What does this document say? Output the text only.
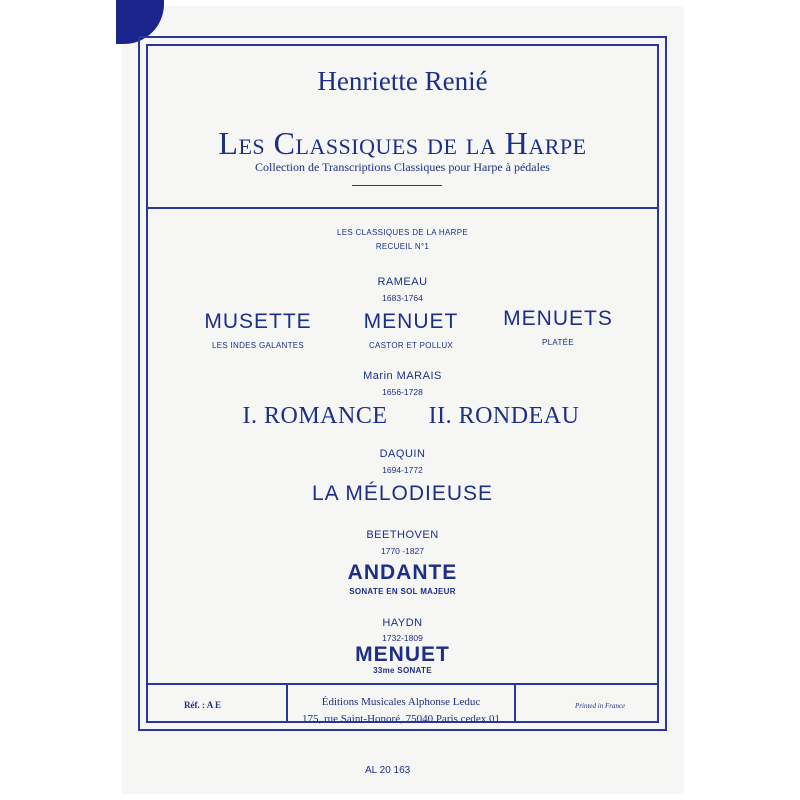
Henriette Renié
Les Classiques de la Harpe
Collection de Transcriptions Classiques pour Harpe à pédales
LES CLASSIQUES DE LA HARPE
RECUEIL N°1
RAMEAU
1683-1764
MUSETTE
LES INDES GALANTES
MENUET
CASTOR ET POLLUX
MENUETS
PLATÉE
Marin MARAIS
1656-1728
I. ROMANCE II. RONDEAU
DAQUIN
1694-1772
LA MÉLODIEUSE
BEETHOVEN
1770 -1827
ANDANTE
SONATE EN SOL MAJEUR
HAYDN
1732-1809
MENUET
33me SONATE
Réf. : A E	Éditions Musicales Alphonse Leduc
175, rue Saint-Honoré, 75040 Paris cedex 01
Printed in France
AL 20 163
